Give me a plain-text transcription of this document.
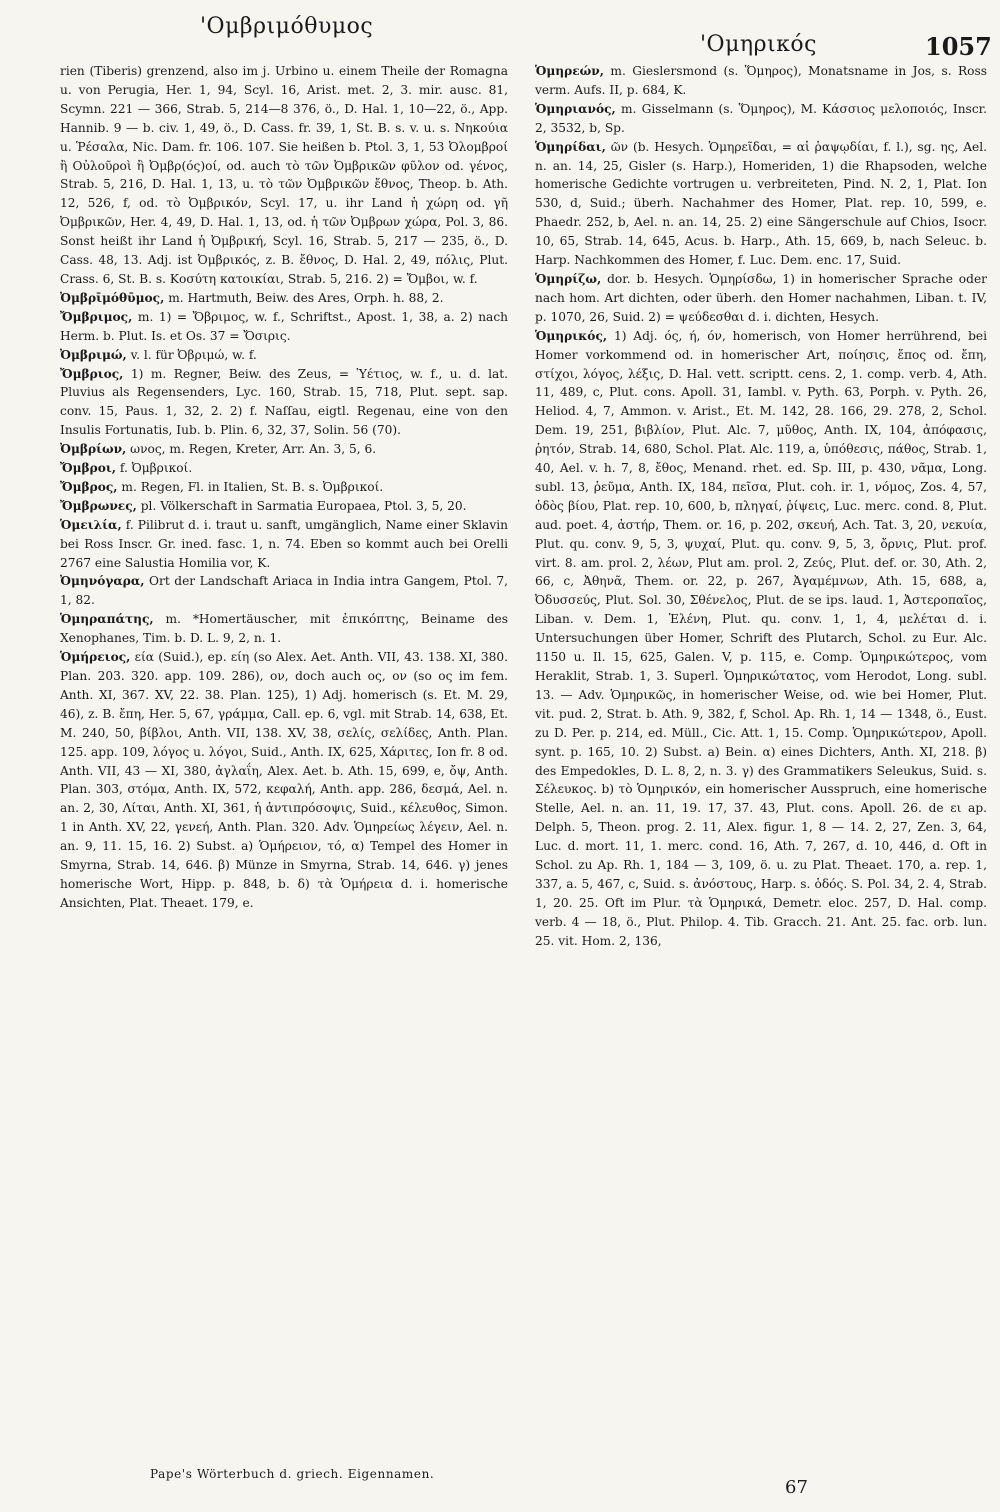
'Ομβριμόθυμος
'Ομηρικός	1057

rien (Tiberis) grenzend, also im j. Urbino u. einem Theile der Romagna u. von Perugia, Her. 1, 94, Scyl. 16, Arist. met. 2, 3. mir. ausc. 81, Scymn. 221 — 366, Strab. 5, 214—8 376, ö., D. Hal. 1, 10—22, ö., App. Hannib. 9 — b. civ. 1, 49, ö., D. Cass. fr. 39, 1, St. B. s. v. u. s. Νηκούια u. Ῥέσαλα, Nic. Dam. fr. 106. 107. Sie heißen b. Ptol. 3, 1, 53 Ὀλομβροί ἢ Οὐλοῦροὶ ἢ Ὀμβρ(ός)οί, od. auch τὸ τῶν Ὀμβρικῶν φῦλον od. γένος, Strab. 5, 216, D. Hal. 1, 13, u. τὸ τῶν Ὀμβρικῶν ἔθνος, Theop. b. Ath. 12, 526, f, od. τὸ Ὀμβρικόν, Scyl. 17, u. ihr Land ἡ χώρη od. γῆ Ὀμβρικῶν, Her. 4, 49, D. Hal. 1, 13, od. ἡ τῶν Ὀμβρων χώρα, Pol. 3, 86. Sonst heißt ihr Land ἡ Ὀμβρική, Scyl. 16, Strab. 5, 217 — 235, ö., D. Cass. 48, 13. Adj. ist Ὀμβρικός, z. B. ἔθνος, D. Hal. 2, 49, πόλις, Plut. Crass. 6, St. B. s. Κοσύτη κατοικίαι, Strab. 5, 216. 2) = Ὄμβοι, w. f.

Ὀμβρῑμόθῡμος, m. Hartmuth, Beiw. des Ares, Orph. h. 88, 2.

Ὄμβριμος, m. 1) = Ὄβριμος, w. f., Schriftst., Apost. 1, 38, a. 2) nach Herm. b. Plut. Is. et Os. 37 = Ὄσιρις.

Ὀμβριμώ, v. l. für Ὀβριμώ, w. f.

Ὄμβριος, 1) m. Regner, Beiw. des Zeus, = Ὑέτιος, w. f., u. d. lat. Pluvius als Regensenders, Lyc. 160, Strab. 15, 718, Plut. sept. sap. conv. 15, Paus. 1, 32, 2. 2) f. Naſſau, eigtl. Regenau, eine von den Insulis Fortunatis, Iub. b. Plin. 6, 32, 37, Solin. 56 (70).

Ὀμβρίων, ωνος, m. Regen, Kreter, Arr. An. 3, 5, 6.

Ὄμβροι, f. Ὀμβρικοί.

Ὄμβρος, m. Regen, Fl. in Italien, St. B. s. Ὀμβρικοί.

Ὄμβρωνες, pl. Völkerschaft in Sarmatia Europaea, Ptol. 3, 5, 20.

Ὁμειλία, f. Pilibrut d. i. traut u. sanft, umgänglich, Name einer Sklavin bei Ross Inscr. Gr. ined. fasc. 1, n. 74. Eben so kommt auch bei Orelli 2767 eine Salustia Homilia vor, K.

Ὀμηνόγαρα, Ort der Landschaft Ariaca in India intra Gangem, Ptol. 7, 1, 82.

Ὁμηραπάτης, m. *Homertäuscher, mit ἐπικόπτης, Beiname des Xenophanes, Tim. b. D. L. 9, 2, n. 1.

Ὁμήρειος, εία (Suid.), ep. είη (so Alex. Aet. Anth. VII, 43. 138. XI, 380. Plan. 203. 320. app. 109. 286), ον, doch auch ος, ον (so ος im fem. Anth. XI, 367. XV, 22. 38. Plan. 125), 1) Adj. homerisch (s. Et. M. 29, 46), z. B. ἔπη, Her. 5, 67, γράμμα, Call. ep. 6, vgl. mit Strab. 14, 638, Et. M. 240, 50, βίβλοι, Anth. VII, 138. XV, 38, σελίς, σελίδες, Anth. Plan. 125. app. 109, λόγος u. λόγοι, Suid., Anth. IX, 625, Χάριτες, Ion fr. 8 od. Anth. VII, 43 — XI, 380, ἀγλαΐη, Alex. Aet. b. Ath. 15, 699, e, ὄψ, Anth. Plan. 303, στόμα, Anth. IX, 572, κεφαλή, Anth. app. 286, δεσμά, Ael. n. an. 2, 30, Λίται, Anth. XI, 361, ἡ ἀντιπρόσοψις, Suid., κέλευθος, Simon. 1 in Anth. XV, 22, γενεή, Anth. Plan. 320. Adv. Ὁμηρείως λέγειν, Ael. n. an. 9, 11. 15, 16. 2) Subst. a) Ὁμήρειον, τό, α) Tempel des Homer in Smyrna, Strab. 14, 646. β) Münze in Smyrna, Strab. 14, 646. γ) jenes homerische Wort, Hipp. p. 848, b. δ) τὰ Ὁμήρεια d. i. homerische Ansichten, Plat. Theaet. 179, e.

Ὁμηρεών, m. Gieslersmond (s. Ὅμηρος), Monatsname in Jos, s. Ross verm. Aufs. II, p. 684, K.

Ὁμηριανός, m. Gisselmann (s. Ὅμηρος), M. Κάσσιος μελοποιός, Inscr. 2, 3532, b, Sp.

Ὁμηρίδαι, ῶν (b. Hesych. Ὁμηρεῖδαι, = αἱ ῥαψῳδίαι, f. l.), sg. ης, Ael. n. an. 14, 25, Gisler (s. Harp.), Homeriden, 1) die Rhapsoden, welche homerische Gedichte vortrugen u. verbreiteten, Pind. N. 2, 1, Plat. Ion 530, d, Suid.; überh. Nachahmer des Homer, Plat. rep. 10, 599, e. Phaedr. 252, b, Ael. n. an. 14, 25. 2) eine Sängerschule auf Chios, Isocr. 10, 65, Strab. 14, 645, Acus. b. Harp., Ath. 15, 669, b, nach Seleuc. b. Harp. Nachkommen des Homer, f. Luc. Dem. enc. 17, Suid.

Ὁμηρίζω, dor. b. Hesych. Ὁμηρίσδω, 1) in homerischer Sprache oder nach hom. Art dichten, oder überh. den Homer nachahmen, Liban. t. IV, p. 1070, 26, Suid. 2) = ψεύδεσθαι d. i. dichten, Hesych.

Ὁμηρικός, 1) Adj. ός, ή, όν, homerisch, von Homer herrührend, bei Homer vorkommend od. in homerischer Art, ποίησις, ἔπος od. ἔπη, στίχοι, λόγος, λέξις, D. Hal. vett. scriptt. cens. 2, 1. comp. verb. 4, Ath. 11, 489, c, Plut. cons. Apoll. 31, Iambl. v. Pyth. 63, Porph. v. Pyth. 26, Heliod. 4, 7, Ammon. v. Arist., Et. M. 142, 28. 166, 29. 278, 2, Schol. Dem. 19, 251, βιβλίον, Plut. Alc. 7, μῦθος, Anth. IX, 104, ἀπόφασις, ῥητόν, Strab. 14, 680, Schol. Plat. Alc. 119, a, ὑπόθεσις, πάθος, Strab. 1, 40, Ael. v. h. 7, 8, ἔθος, Menand. rhet. ed. Sp. III, p. 430, νᾶμα, Long. subl. 13, ῥεῦμα, Anth. IX, 184, πεῖσα, Plut. coh. ir. 1, νόμος, Zos. 4, 57, ὁδὸς βίου, Plat. rep. 10, 600, b, πληγαί, ῥίψεις, Luc. merc. cond. 8, Plut. aud. poet. 4, ἀστήρ, Them. or. 16, p. 202, σκευή, Ach. Tat. 3, 20, νεκυία, Plut. qu. conv. 9, 5, 3, ψυχαί, Plut. qu. conv. 9, 5, 3, ὄρνις, Plut. prof. virt. 8. am. prol. 2, λέων, Plut am. prol. 2, Ζεύς, Plut. def. or. 30, Ath. 2, 66, c, Ἀθηνᾶ, Them. or. 22, p. 267, Ἀγαμέμνων, Ath. 15, 688, a, Ὀδυσσεύς, Plut. Sol. 30, Σθένελος, Plut. de se ips. laud. 1, Ἀστεροπαῖος, Liban. v. Dem. 1, Ἑλένη, Plut. qu. conv. 1, 1, 4, μελέται d. i. Untersuchungen über Homer, Schrift des Plutarch, Schol. zu Eur. Alc. 1150 u. Il. 15, 625, Galen. V, p. 115, e. Comp. Ὁμηρικώτερος, vom Heraklit, Strab. 1, 3. Superl. Ὁμηρικώτατος, vom Herodot, Long. subl. 13. — Adv. Ὁμηρικῶς, in homerischer Weise, od. wie bei Homer, Plut. vit. pud. 2, Strat. b. Ath. 9, 382, f, Schol. Ap. Rh. 1, 14 — 1348, ö., Eust. zu D. Per. p. 214, ed. Müll., Cic. Att. 1, 15. Comp. Ὁμηρικώτερον, Apoll. synt. p. 165, 10. 2) Subst. a) Bein. α) eines Dichters, Anth. XI, 218. β) des Empedokles, D. L. 8, 2, n. 3. γ) des Grammatikers Seleukus, Suid. s. Σέλευκος. b) τὸ Ὁμηρικόν, ein homerischer Ausspruch, eine homerische Stelle, Ael. n. an. 11, 19. 17, 37. 43, Plut. cons. Apoll. 26. de ει ap. Delph. 5, Theon. prog. 2. 11, Alex. figur. 1, 8 — 14. 2, 27, Zen. 3, 64, Luc. d. mort. 11, 1. merc. cond. 16, Ath. 7, 267, d. 10, 446, d. Oft in Schol. zu Ap. Rh. 1, 184 — 3, 109, ö. u. zu Plat. Theaet. 170, a. rep. 1, 337, a. 5, 467, c, Suid. s. ἀνόστους, Harp. s. ὁδός. S. Pol. 34, 2. 4, Strab. 1, 20. 25. Oft im Plur. τὰ Ὁμηρικά, Demetr. eloc. 257, D. Hal. comp. verb. 4 — 18, ö., Plut. Philop. 4. Tib. Gracch. 21. Ant. 25. fac. orb. lun. 25. vit. Hom. 2, 136,

Pape's Wörterbuch d. griech. Eigennamen.
67
